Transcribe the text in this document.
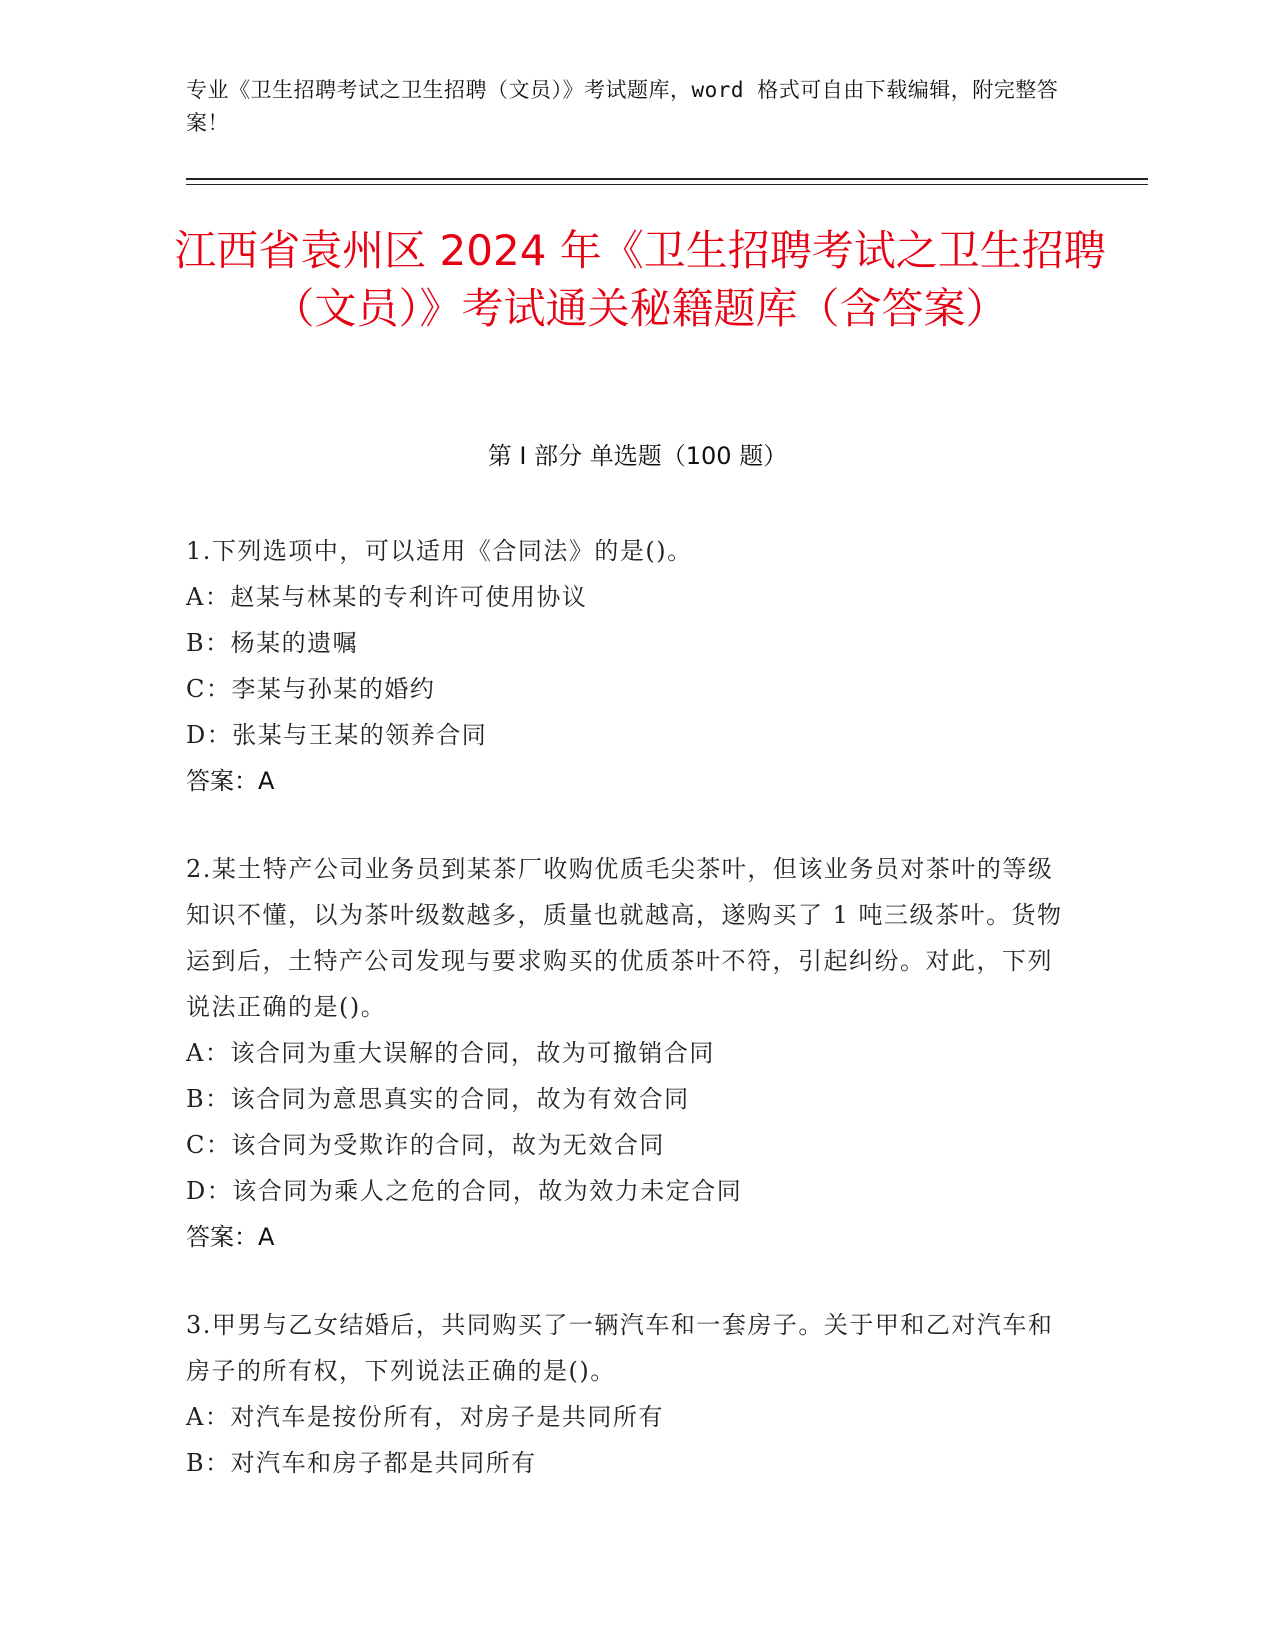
专业《卫生招聘考试之卫生招聘（文员）》考试题库，word 格式可自由下载编辑，附完整答案！
江西省袁州区 2024 年《卫生招聘考试之卫生招聘（文员）》考试通关秘籍题库（含答案）
第 I 部分 单选题（100 题）
1.下列选项中，可以适用《合同法》的是()。
A：赵某与林某的专利许可使用协议
B：杨某的遗嘱
C：李某与孙某的婚约
D：张某与王某的领养合同
答案：A
2.某土特产公司业务员到某茶厂收购优质毛尖茶叶，但该业务员对茶叶的等级知识不懂，以为茶叶级数越多，质量也就越高，遂购买了 1 吨三级茶叶。货物运到后，土特产公司发现与要求购买的优质茶叶不符，引起纠纷。对此，下列说法正确的是()。
A：该合同为重大误解的合同，故为可撤销合同
B：该合同为意思真实的合同，故为有效合同
C：该合同为受欺诈的合同，故为无效合同
D：该合同为乘人之危的合同，故为效力未定合同
答案：A
3.甲男与乙女结婚后，共同购买了一辆汽车和一套房子。关于甲和乙对汽车和房子的所有权，下列说法正确的是()。
A：对汽车是按份所有，对房子是共同所有
B：对汽车和房子都是共同所有
